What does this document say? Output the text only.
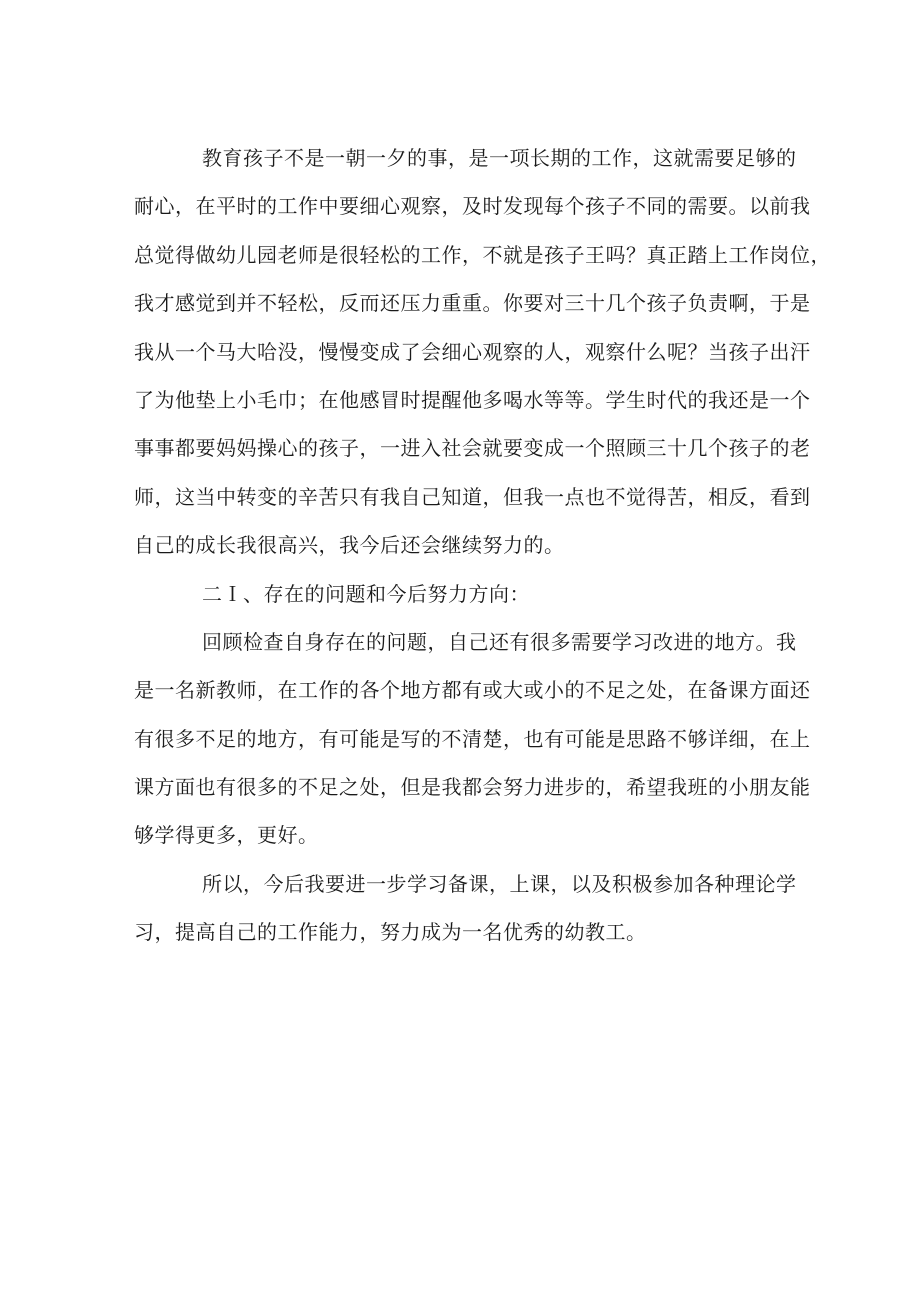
教育孩子不是一朝一夕的事，是一项长期的工作，这就需要足够的
耐心，在平时的工作中要细心观察，及时发现每个孩子不同的需要。以前我
总觉得做幼儿园老师是很轻松的工作，不就是孩子王吗？真正踏上工作岗位，
我才感觉到并不轻松，反而还压力重重。你要对三十几个孩子负责啊，于是
我从一个马大哈没，慢慢变成了会细心观察的人，观察什么呢？当孩子出汗
了为他垫上小毛巾；在他感冒时提醒他多喝水等等。学生时代的我还是一个
事事都要妈妈操心的孩子，一进入社会就要变成一个照顾三十几个孩子的老
师，这当中转变的辛苦只有我自己知道，但我一点也不觉得苦，相反，看到
自己的成长我很高兴，我今后还会继续努力的。
二Ｉ、存在的问题和今后努力方向：
回顾检查自身存在的问题，自己还有很多需要学习改进的地方。我
是一名新教师，在工作的各个地方都有或大或小的不足之处，在备课方面还
有很多不足的地方，有可能是写的不清楚，也有可能是思路不够详细，在上
课方面也有很多的不足之处，但是我都会努力进步的，希望我班的小朋友能
够学得更多，更好。
所以，今后我要进一步学习备课，上课，以及积极参加各种理论学
习，提高自己的工作能力，努力成为一名优秀的幼教工。
